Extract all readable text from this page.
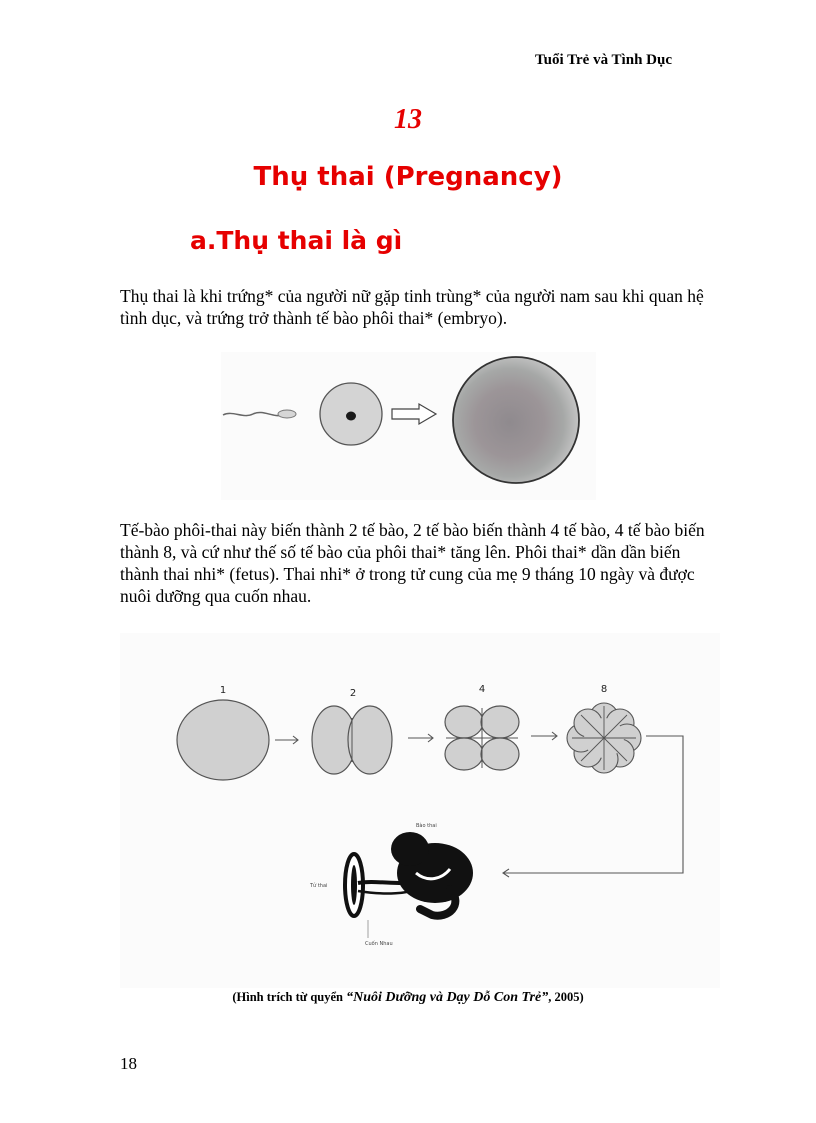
Tuổi Trẻ và Tình Dục
13
Thụ thai (Pregnancy)
a.Thụ thai là gì

Thụ thai là khi trứng* của người nữ gặp tinh trùng* của người nam sau khi quan hệ tình dục, và trứng trở thành tế bào phôi thai* (embryo).

Tế-bào phôi-thai này biến thành 2 tế bào, 2 tế bào biến thành 4 tế bào, 4 tế bào biến thành 8, và cứ như thế số tế bào của phôi thai* tăng lên. Phôi thai* dần dần biến thành thai nhi* (fetus). Thai nhi* ở trong tử cung của mẹ 9 tháng 10 ngày và được nuôi dưỡng qua cuốn nhau.

1	2	4	8
Bào thai
Tử thai
Cuốn Nhau
(Hình trích từ quyển “Nuôi Dưỡng và Dạy Dỗ Con Trẻ”, 2005)
18
